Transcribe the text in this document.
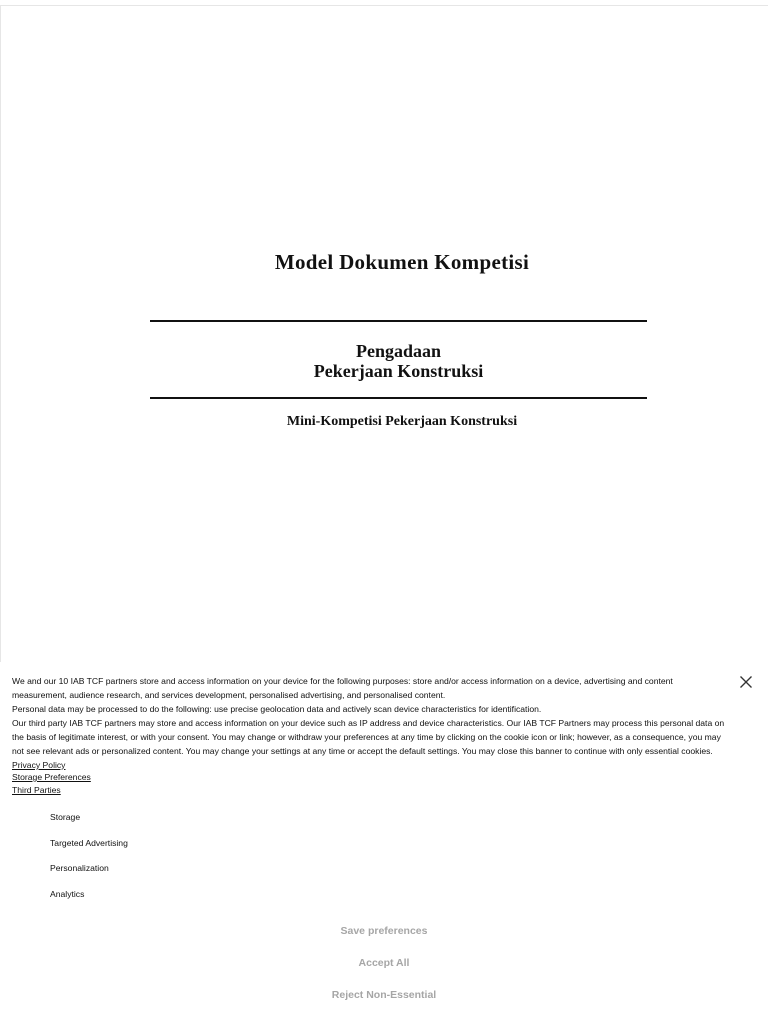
Model Dokumen Kompetisi
Pengadaan
Pekerjaan Konstruksi
Mini-Kompetisi Pekerjaan Konstruksi

We and our 10 IAB TCF partners store and access information on your device for the following purposes: store and/or access information on a device, advertising and content measurement, audience research, and services development, personalised advertising, and personalised content.

Personal data may be processed to do the following: use precise geolocation data and actively scan device characteristics for identification.

Our third party IAB TCF partners may store and access information on your device such as IP address and device characteristics. Our IAB TCF Partners may process this personal data on the basis of legitimate interest, or with your consent. You may change or withdraw your preferences at any time by clicking on the cookie icon or link; however, as a consequence, you may not see relevant ads or personalized content. You may change your settings at any time or accept the default settings. You may close this banner to continue with only essential cookies. Privacy Policy

Storage Preferences
Third Parties
Storage
Targeted Advertising
Personalization
Analytics
Save preferences
Accept All
Reject Non-Essential
